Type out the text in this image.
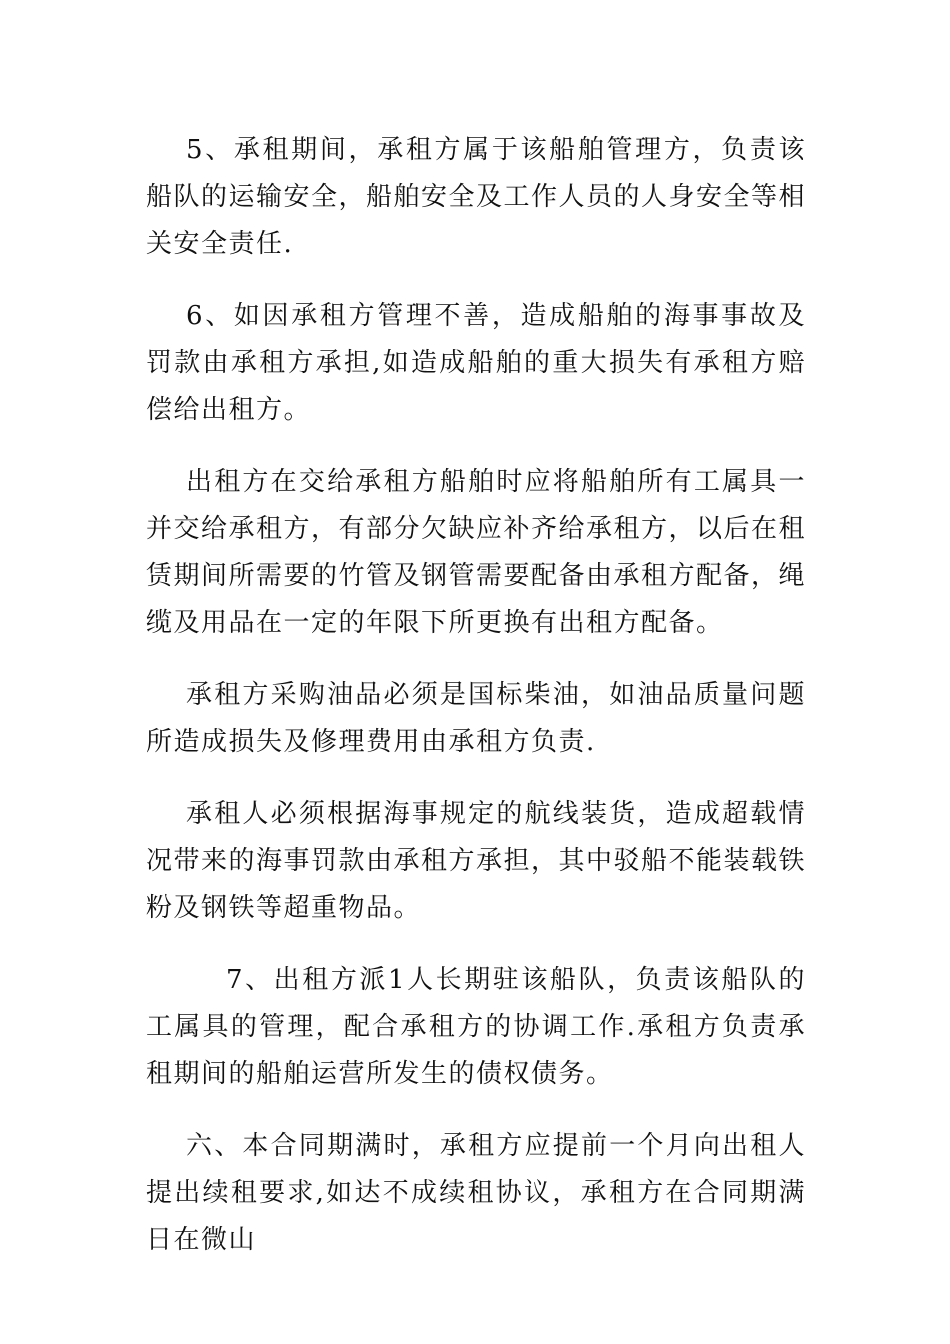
5、承租期间，承租方属于该船舶管理方，负责该船队的运输安全，船舶安全及工作人员的人身安全等相关安全责任.

6、如因承租方管理不善，造成船舶的海事事故及罚款由承租方承担,如造成船舶的重大损失有承租方赔偿给出租方。

出租方在交给承租方船舶时应将船舶所有工属具一并交给承租方，有部分欠缺应补齐给承租方，以后在租赁期间所需要的竹管及钢管需要配备由承租方配备，绳缆及用品在一定的年限下所更换有出租方配备。

承租方采购油品必须是国标柴油，如油品质量问题所造成损失及修理费用由承租方负责.

承租人必须根据海事规定的航线装货，造成超载情况带来的海事罚款由承租方承担，其中驳船不能装载铁粉及钢铁等超重物品。

7、出租方派1人长期驻该船队，负责该船队的工属具的管理，配合承租方的协调工作.承租方负责承租期间的船舶运营所发生的债权债务。

六、本合同期满时，承租方应提前一个月向出租人提出续租要求,如达不成续租协议，承租方在合同期满日在微山
